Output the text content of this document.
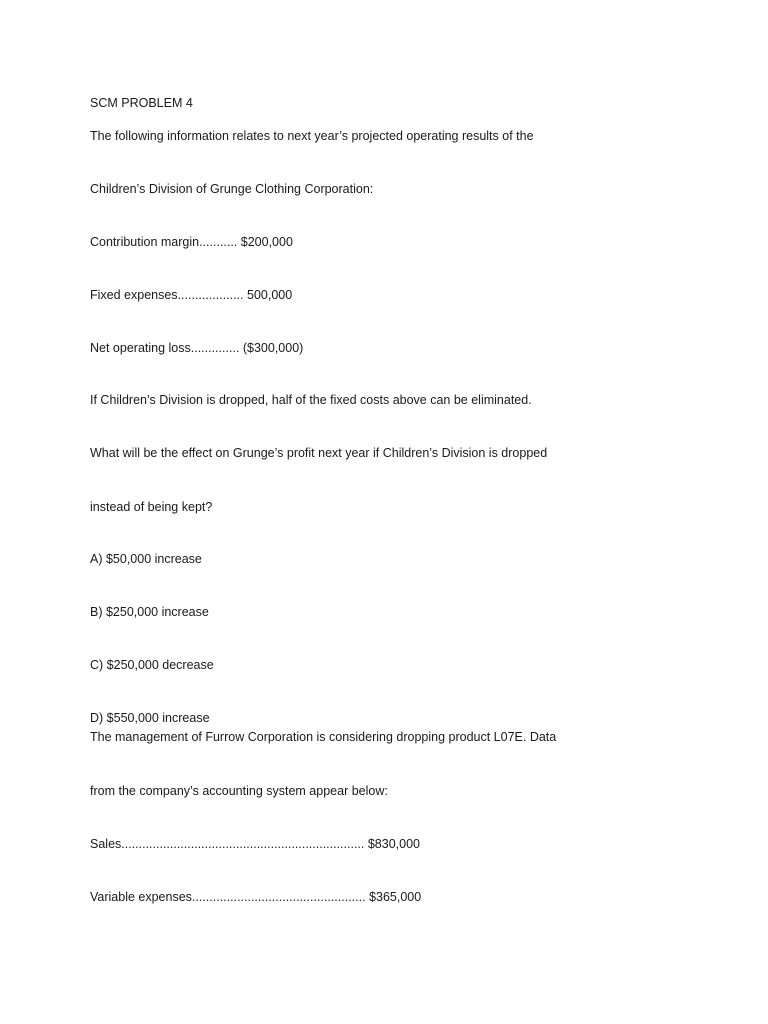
SCM PROBLEM 4

The following information relates to next year’s projected operating results of the

Children’s Division of Grunge Clothing Corporation:

Contribution margin........... $200,000

Fixed expenses................... 500,000

Net operating loss.............. ($300,000)

If Children’s Division is dropped, half of the fixed costs above can be eliminated.

What will be the effect on Grunge’s profit next year if Children’s Division is dropped

instead of being kept?

A) $50,000 increase

B) $250,000 increase

C) $250,000 decrease

D) $550,000 increase

The management of Furrow Corporation is considering dropping product L07E. Data

from the company’s accounting system appear below:

Sales...................................................................... $830,000

Variable expenses.................................................. $365,000
